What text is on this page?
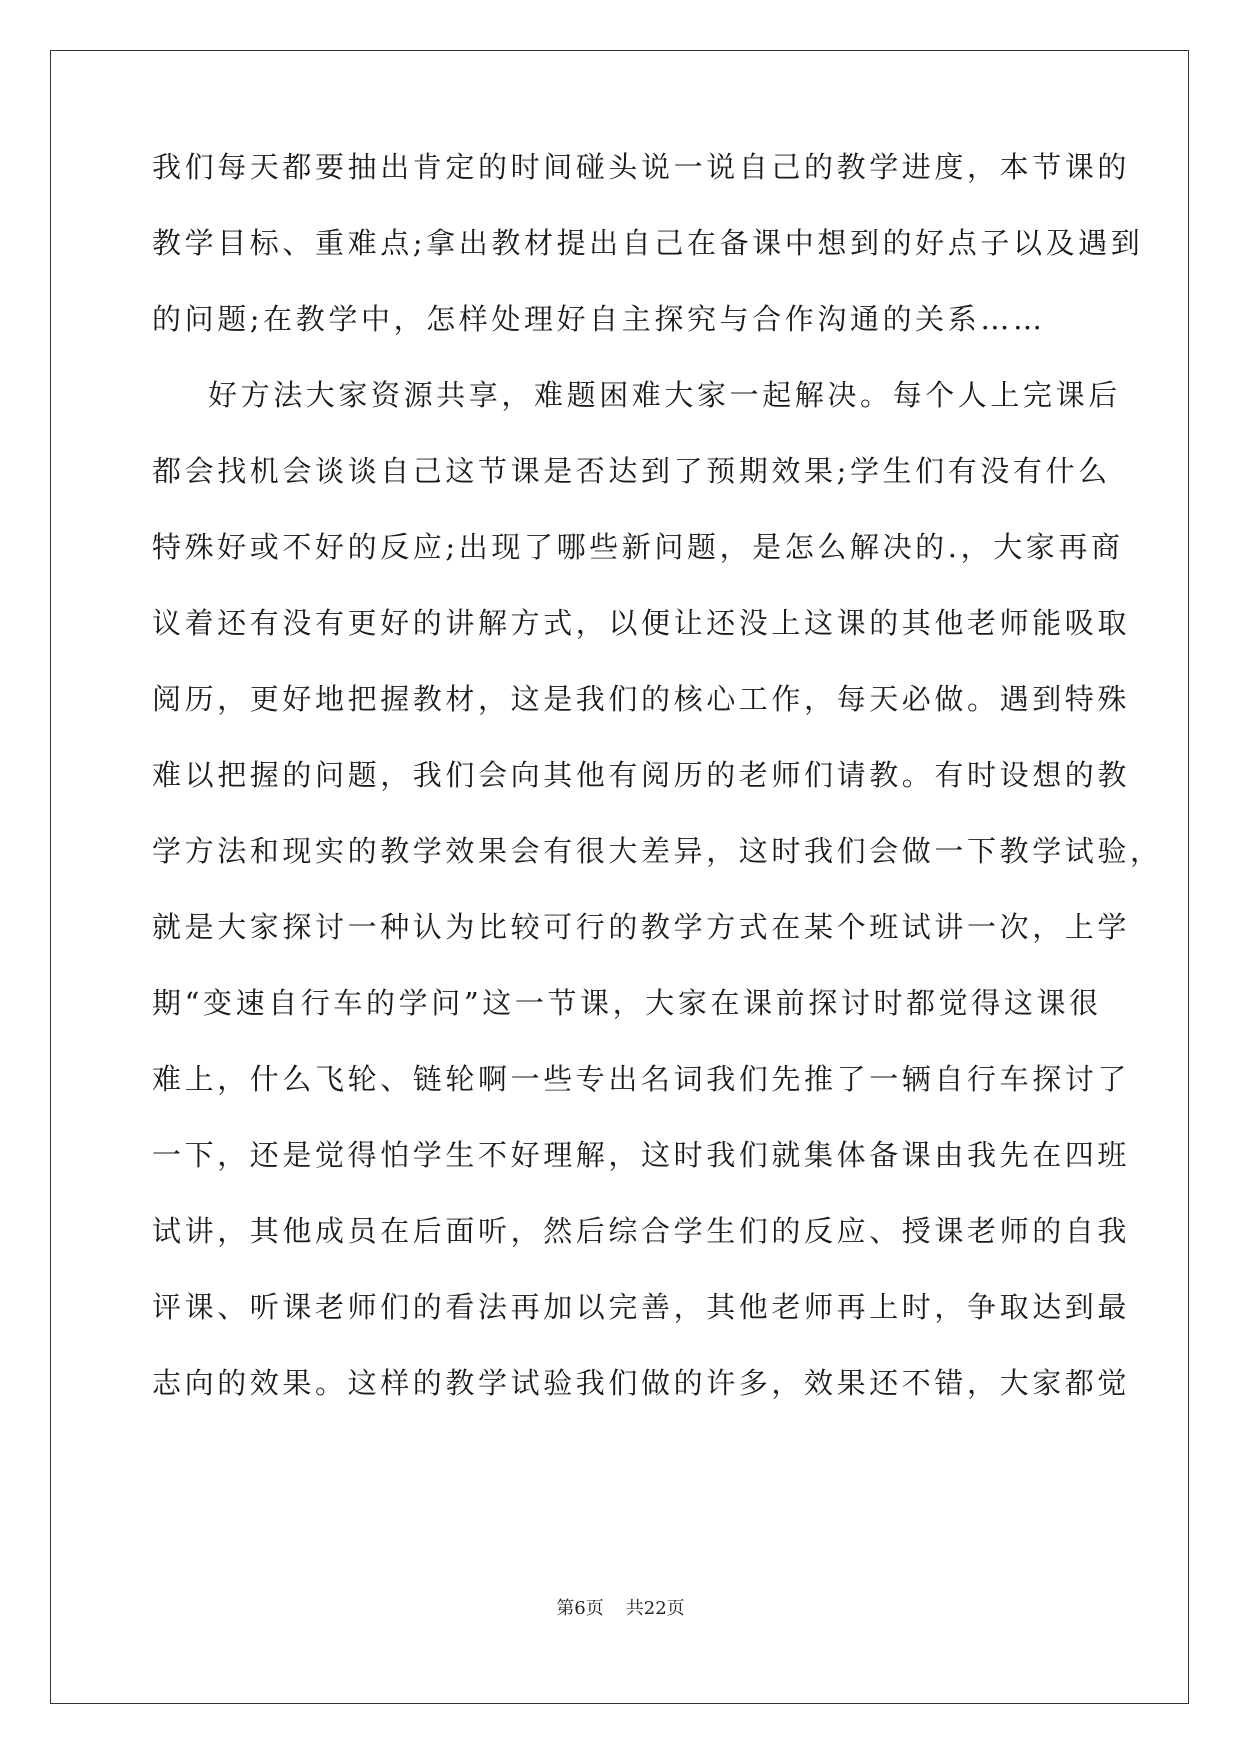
我们每天都要抽出肯定的时间碰头说一说自己的教学进度，本节课的
教学目标、重难点;拿出教材提出自己在备课中想到的好点子以及遇到
的问题;在教学中，怎样处理好自主探究与合作沟通的关系……
好方法大家资源共享，难题困难大家一起解决。每个人上完课后
都会找机会谈谈自己这节课是否达到了预期效果;学生们有没有什么
特殊好或不好的反应;出现了哪些新问题，是怎么解决的.，大家再商
议着还有没有更好的讲解方式，以便让还没上这课的其他老师能吸取
阅历，更好地把握教材，这是我们的核心工作，每天必做。遇到特殊
难以把握的问题，我们会向其他有阅历的老师们请教。有时设想的教
学方法和现实的教学效果会有很大差异，这时我们会做一下教学试验，
就是大家探讨一种认为比较可行的教学方式在某个班试讲一次，上学
期“变速自行车的学问”这一节课，大家在课前探讨时都觉得这课很
难上，什么飞轮、链轮啊一些专出名词我们先推了一辆自行车探讨了
一下，还是觉得怕学生不好理解，这时我们就集体备课由我先在四班
试讲，其他成员在后面听，然后综合学生们的反应、授课老师的自我
评课、听课老师们的看法再加以完善，其他老师再上时，争取达到最
志向的效果。这样的教学试验我们做的许多，效果还不错，大家都觉
第6页 共22页
